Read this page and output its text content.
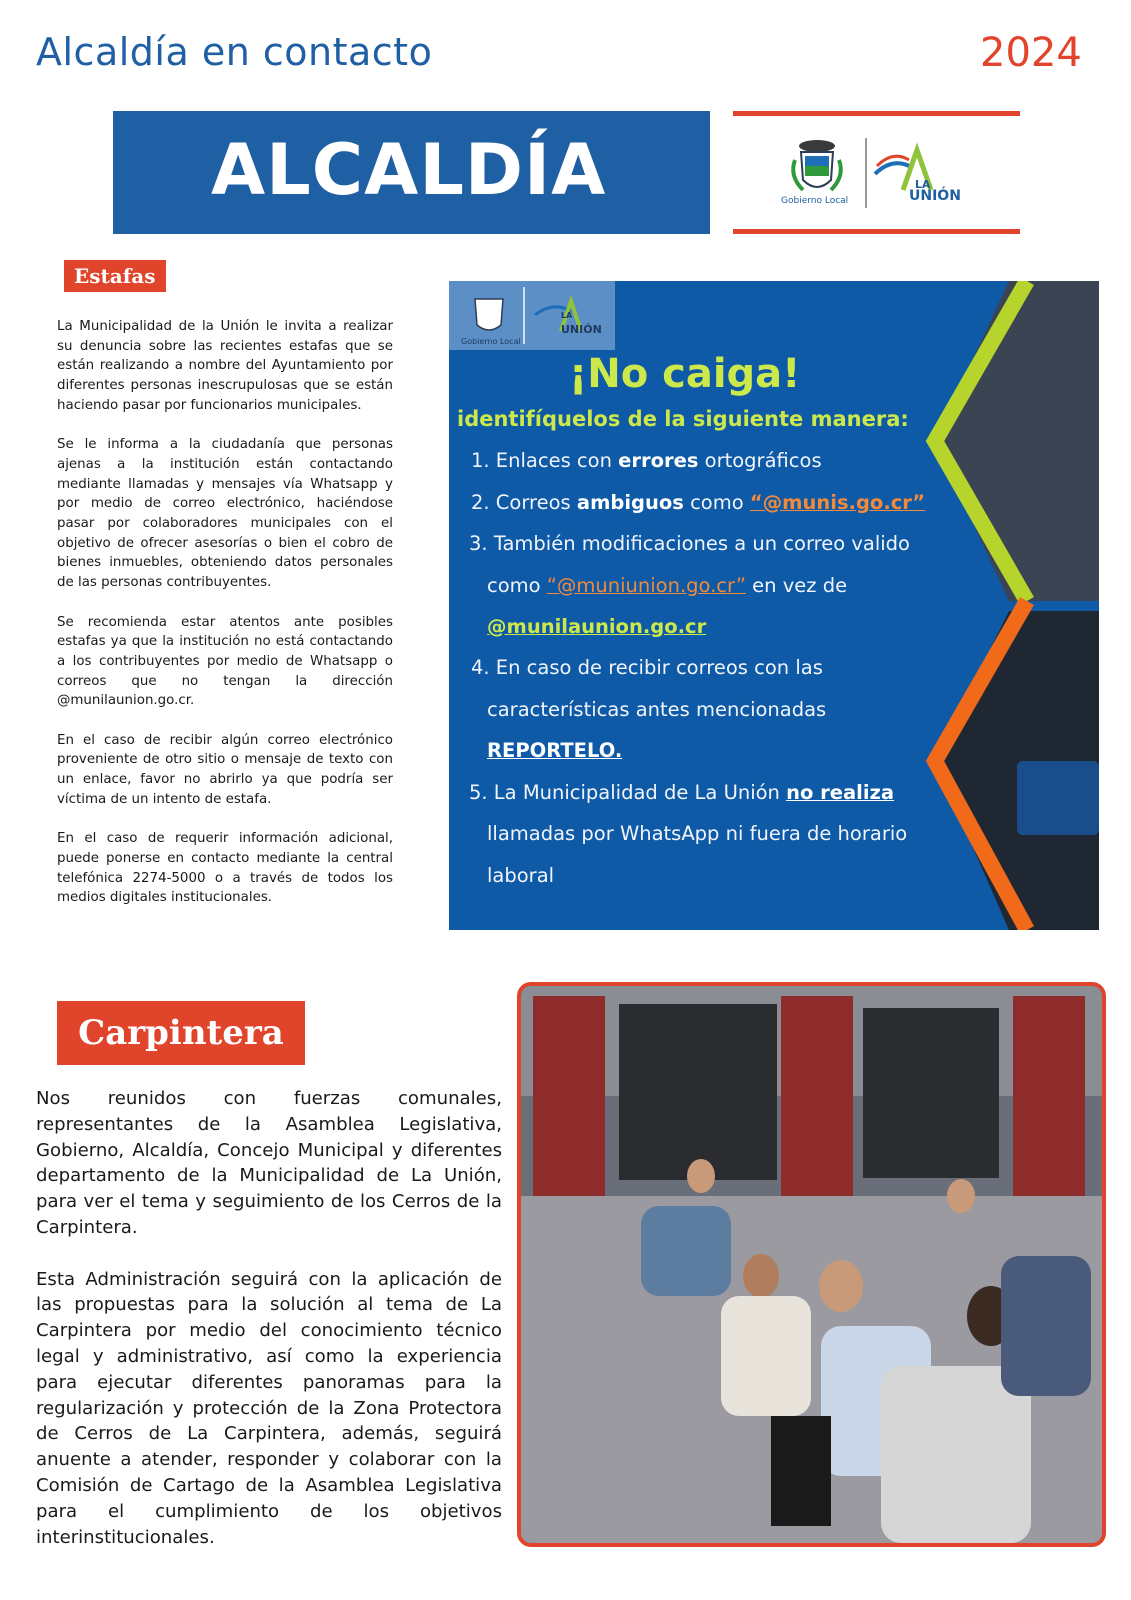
Alcaldía en contacto	2024
ALCALDÍA	Gobierno Local
LA
UNIÓN
Estafas

La Municipalidad de la Unión le invita a realizar su denuncia sobre las recientes estafas que se están realizando a nombre del Ayuntamiento por diferentes personas inescrupulosas que se están haciendo pasar por funcionarios municipales.

Se le informa a la ciudadanía que personas ajenas a la institución están contactando mediante llamadas y mensajes vía Whatsapp y por medio de correo electrónico, haciéndose pasar por colaboradores municipales con el objetivo de ofrecer asesorías o bien el cobro de bienes inmuebles, obteniendo datos personales de las personas contribuyentes.

Se recomienda estar atentos ante posibles estafas ya que la institución no está contactando a los contribuyentes por medio de Whatsapp o correos que no tengan la dirección @munilaunion.go.cr.

En el caso de recibir algún correo electrónico proveniente de otro sitio o mensaje de texto con un enlace, favor no abrirlo ya que podría ser víctima de un intento de estafa.

En el caso de requerir información adicional, puede ponerse en contacto mediante la central telefónica 2274-5000 o a través de todos los medios digitales institucionales.

Gobierno Local
LA
UNIÓN
¡No caiga!
identifíquelos de la siguiente manera:
1. Enlaces con errores ortográficos
2. Correos ambiguos como “@munis.go.cr”
3. También modificaciones a un correo valido
como “@muniunion.go.cr” en vez de
@munilaunion.go.cr
4. En caso de recibir correos con las
características antes mencionadas
REPORTELO.
5. La Municipalidad de La Unión no realiza
llamadas por WhatsApp ni fuera de horario
laboral
Carpintera

Nos reunidos con fuerzas comunales, representantes de la Asamblea Legislativa, Gobierno, Alcaldía, Concejo Municipal y diferentes departamento de la Municipalidad de La Unión, para ver el tema y seguimiento de los Cerros de la Carpintera.

Esta Administración seguirá con la aplicación de las propuestas para la solución al tema de La Carpintera por medio del conocimiento técnico legal y administrativo, así como la experiencia para ejecutar diferentes panoramas para la regularización y protección de la Zona Protectora de Cerros de La Carpintera, además, seguirá anuente a atender, responder y colaborar con la Comisión de Cartago de la Asamblea Legislativa para el cumplimiento de los objetivos interinstitucionales.
